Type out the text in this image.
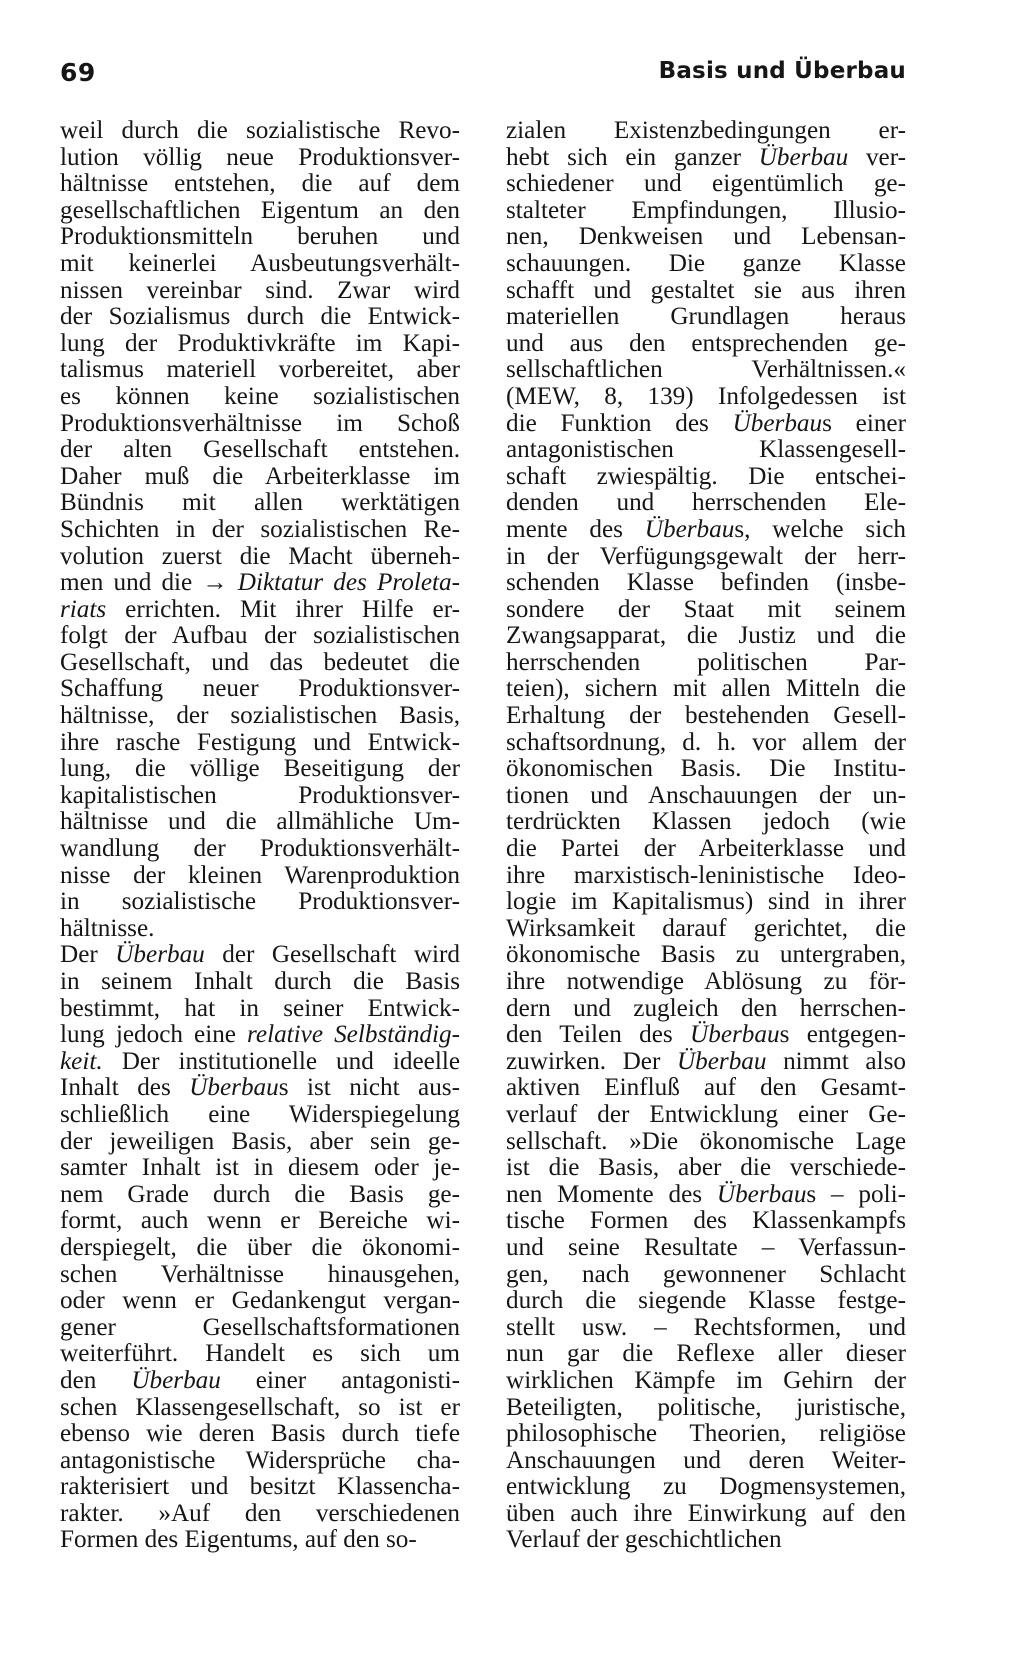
69	Basis und Überbau
weil durch die sozialistische Revo-
lution völlig neue Produktionsver-
hältnisse entstehen, die auf dem
gesellschaftlichen Eigentum an den
Produktionsmitteln beruhen und
mit keinerlei Ausbeutungsverhält-
nissen vereinbar sind. Zwar wird
der Sozialismus durch die Entwick-
lung der Produktivkräfte im Kapi-
talismus materiell vorbereitet, aber
es können keine sozialistischen
Produktionsverhältnisse im Schoß
der alten Gesellschaft entstehen.
Daher muß die Arbeiterklasse im
Bündnis mit allen werktätigen
Schichten in der sozialistischen Re-
volution zuerst die Macht überneh-
men und die → Diktatur des Proleta-
riats errichten. Mit ihrer Hilfe er-
folgt der Aufbau der sozialistischen
Gesellschaft, und das bedeutet die
Schaffung neuer Produktionsver-
hältnisse, der sozialistischen Basis,
ihre rasche Festigung und Entwick-
lung, die völlige Beseitigung der
kapitalistischen Produktionsver-
hältnisse und die allmähliche Um-
wandlung der Produktionsverhält-
nisse der kleinen Warenproduktion
in sozialistische Produktionsver-
hältnisse.
Der Überbau der Gesellschaft wird
in seinem Inhalt durch die Basis
bestimmt, hat in seiner Entwick-
lung jedoch eine relative Selbständig-
keit. Der institutionelle und ideelle
Inhalt des Überbaus ist nicht aus-
schließlich eine Widerspiegelung
der jeweiligen Basis, aber sein ge-
samter Inhalt ist in diesem oder je-
nem Grade durch die Basis ge-
formt, auch wenn er Bereiche wi-
derspiegelt, die über die ökonomi-
schen Verhältnisse hinausgehen,
oder wenn er Gedankengut vergan-
gener Gesellschaftsformationen
weiterführt. Handelt es sich um
den Überbau einer antagonisti-
schen Klassengesellschaft, so ist er
ebenso wie deren Basis durch tiefe
antagonistische Widersprüche cha-
rakterisiert und besitzt Klassencha-
rakter. »Auf den verschiedenen
Formen des Eigentums, auf den so-
zialen Existenzbedingungen er-
hebt sich ein ganzer Überbau ver-
schiedener und eigentümlich ge-
stalteter Empfindungen, Illusio-
nen, Denkweisen und Lebensan-
schauungen. Die ganze Klasse
schafft und gestaltet sie aus ihren
materiellen Grundlagen heraus
und aus den entsprechenden ge-
sellschaftlichen Verhältnissen.«
(MEW, 8, 139) Infolgedessen ist
die Funktion des Überbaus einer
antagonistischen Klassengesell-
schaft zwiespältig. Die entschei-
denden und herrschenden Ele-
mente des Überbaus, welche sich
in der Verfügungsgewalt der herr-
schenden Klasse befinden (insbe-
sondere der Staat mit seinem
Zwangsapparat, die Justiz und die
herrschenden politischen Par-
teien), sichern mit allen Mitteln die
Erhaltung der bestehenden Gesell-
schaftsordnung, d. h. vor allem der
ökonomischen Basis. Die Institu-
tionen und Anschauungen der un-
terdrückten Klassen jedoch (wie
die Partei der Arbeiterklasse und
ihre marxistisch-leninistische Ideo-
logie im Kapitalismus) sind in ihrer
Wirksamkeit darauf gerichtet, die
ökonomische Basis zu untergraben,
ihre notwendige Ablösung zu för-
dern und zugleich den herrschen-
den Teilen des Überbaus entgegen-
zuwirken. Der Überbau nimmt also
aktiven Einfluß auf den Gesamt-
verlauf der Entwicklung einer Ge-
sellschaft. »Die ökonomische Lage
ist die Basis, aber die verschiede-
nen Momente des Überbaus – poli-
tische Formen des Klassenkampfs
und seine Resultate – Verfassun-
gen, nach gewonnener Schlacht
durch die siegende Klasse festge-
stellt usw. – Rechtsformen, und
nun gar die Reflexe aller dieser
wirklichen Kämpfe im Gehirn der
Beteiligten, politische, juristische,
philosophische Theorien, religiöse
Anschauungen und deren Weiter-
entwicklung zu Dogmensystemen,
üben auch ihre Einwirkung auf den
Verlauf der geschichtlichen
